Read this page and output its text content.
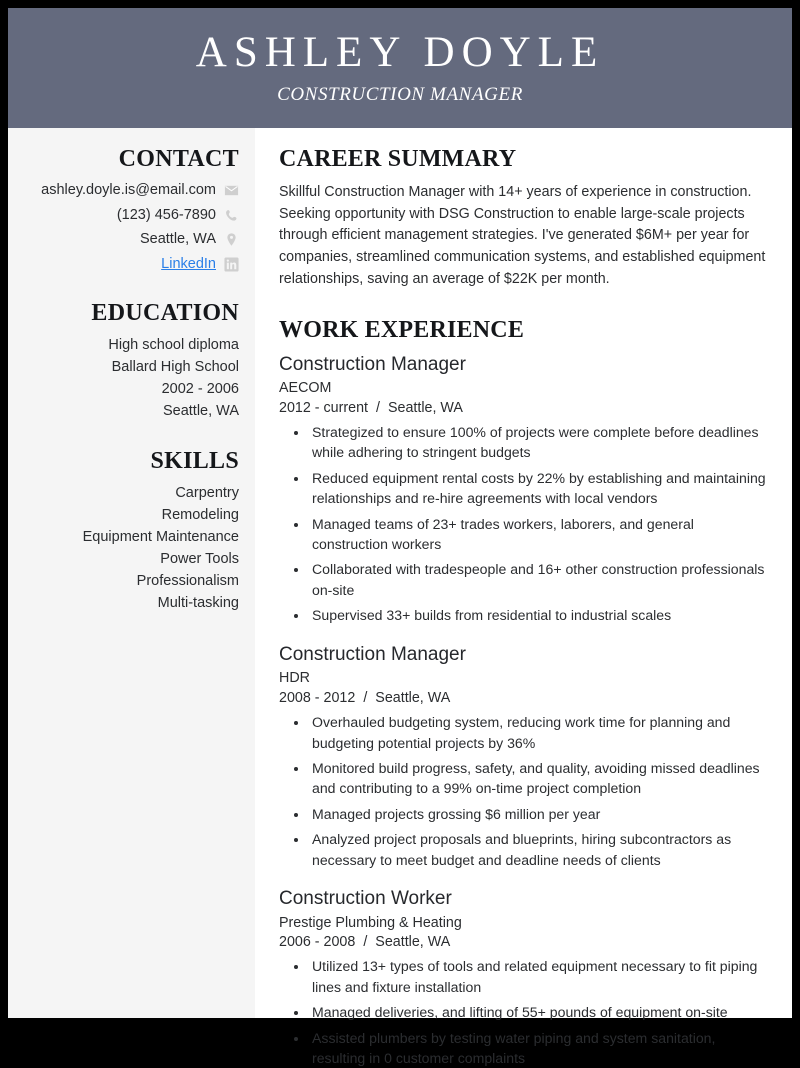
ASHLEY DOYLE
CONSTRUCTION MANAGER
CONTACT
ashley.doyle.is@email.com
(123) 456-7890
Seattle, WA
LinkedIn
EDUCATION
High school diploma
Ballard High School
2002 - 2006
Seattle, WA
SKILLS
Carpentry
Remodeling
Equipment Maintenance
Power Tools
Professionalism
Multi-tasking
CAREER SUMMARY

Skillful Construction Manager with 14+ years of experience in construction. Seeking opportunity with DSG Construction to enable large-scale projects through efficient management strategies. I've generated $6M+ per year for companies, streamlined communication systems, and established equipment relationships, saving an average of $22K per month.

WORK EXPERIENCE
Construction Manager
AECOM
2012 - current / Seattle, WA
• Strategized to ensure 100% of projects were complete before deadlines while adhering to stringent budgets
• Reduced equipment rental costs by 22% by establishing and maintaining relationships and re-hire agreements with local vendors
• Managed teams of 23+ trades workers, laborers, and general construction workers
• Collaborated with tradespeople and 16+ other construction professionals on-site
• Supervised 33+ builds from residential to industrial scales
Construction Manager
HDR
2008 - 2012 / Seattle, WA
• Overhauled budgeting system, reducing work time for planning and budgeting potential projects by 36%
• Monitored build progress, safety, and quality, avoiding missed deadlines and contributing to a 99% on-time project completion
• Managed projects grossing $6 million per year
• Analyzed project proposals and blueprints, hiring subcontractors as necessary to meet budget and deadline needs of clients
Construction Worker
Prestige Plumbing & Heating
2006 - 2008 / Seattle, WA
• Utilized 13+ types of tools and related equipment necessary to fit piping lines and fixture installation
• Managed deliveries, and lifting of 55+ pounds of equipment on-site
• Assisted plumbers by testing water piping and system sanitation, resulting in 0 customer complaints
